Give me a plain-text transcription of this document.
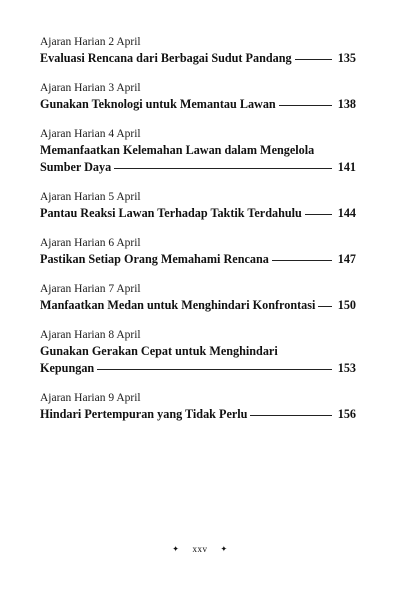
Ajaran Harian 2 April
Evaluasi Rencana dari Berbagai Sudut Pandang	135
Ajaran Harian 3 April
Gunakan Teknologi untuk Memantau Lawan	138
Ajaran Harian 4 April
Memanfaatkan Kelemahan Lawan dalam Mengelola
Sumber Daya	141
Ajaran Harian 5 April
Pantau Reaksi Lawan Terhadap Taktik Terdahulu	144
Ajaran Harian 6 April
Pastikan Setiap Orang Memahami Rencana	147
Ajaran Harian 7 April
Manfaatkan Medan untuk Menghindari Konfrontasi 150
Ajaran Harian 8 April
Gunakan Gerakan Cepat untuk Menghindari
Kepungan	153
Ajaran Harian 9 April
Hindari Pertempuran yang Tidak Perlu	156
✦ xxv ✦
